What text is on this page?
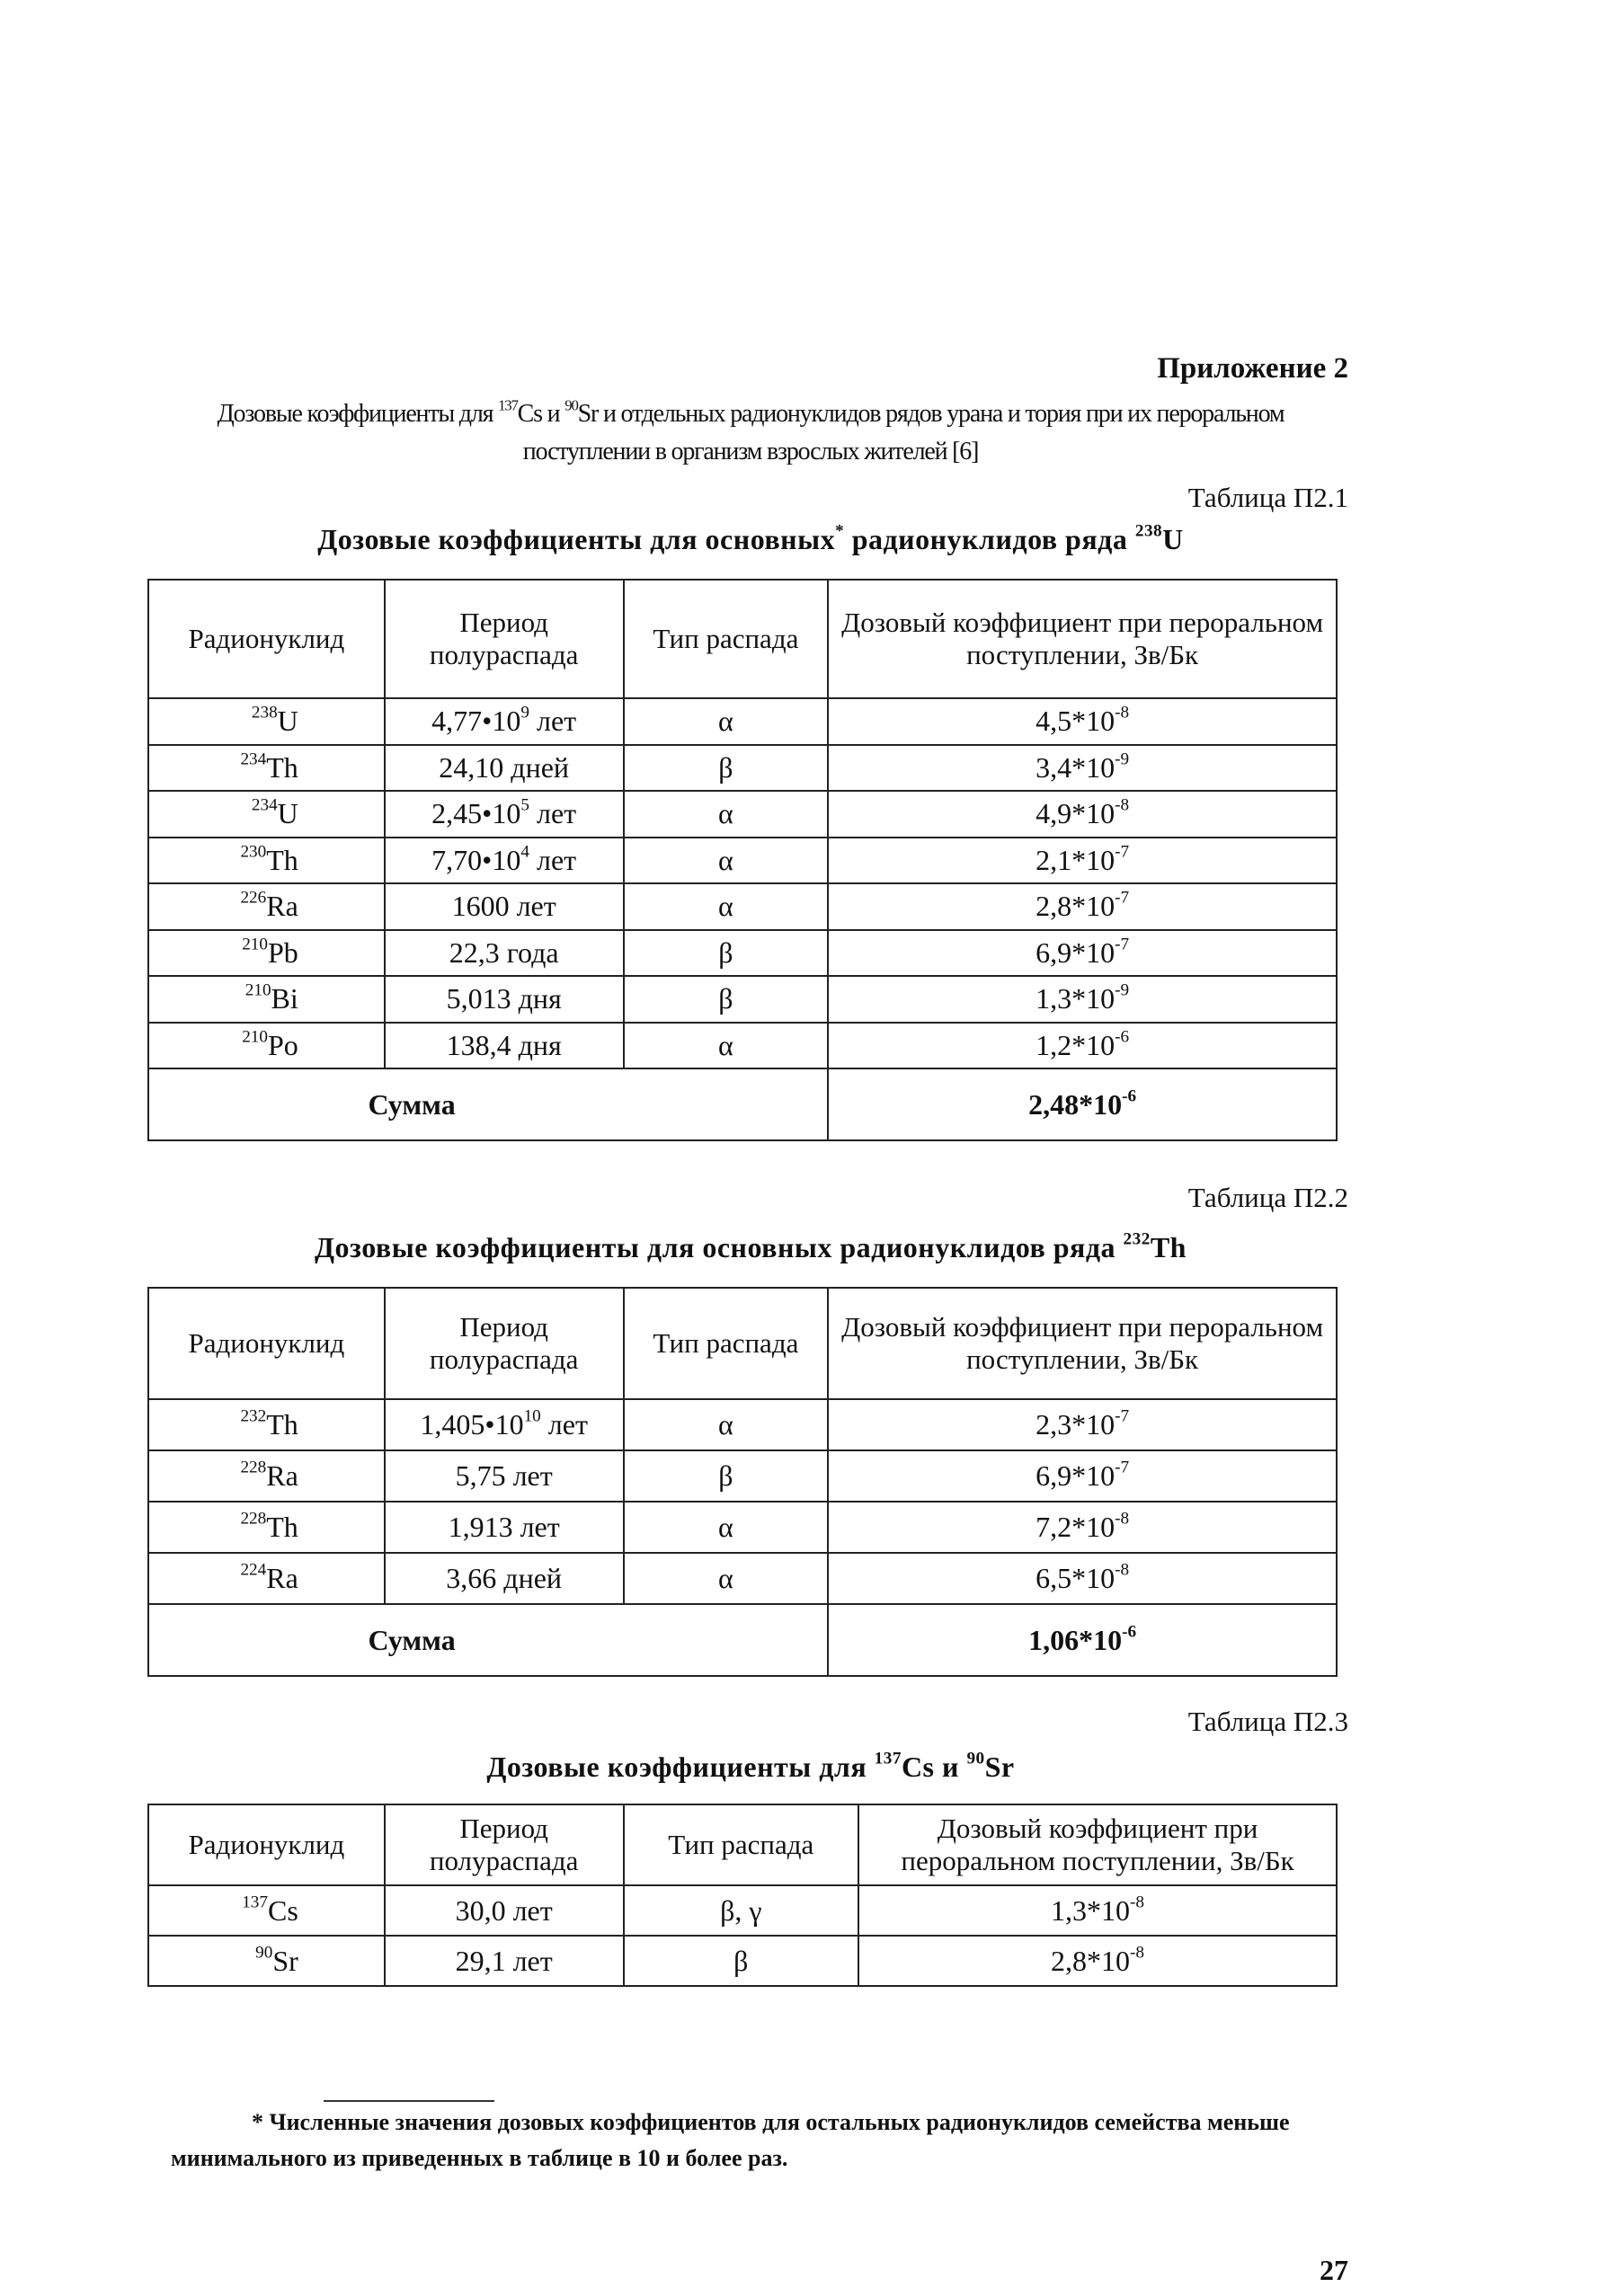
Приложение 2
Дозовые коэффициенты для $^{137}$Cs и $^{90}$Sr и отдельных радионуклидов рядов урана и тория при их пероральном поступлении в организм взрослых жителей [6]
Таблица П2.1
Дозовые коэффициенты для основных* радионуклидов ряда $^{238}$U
Радионуклид	Период полураспада	Тип распада	Дозовый коэффициент при пероральном поступлении, Зв/Бк
$^{238}$U	$4,77•10^9$ лет	α	$4,5*10^{-8}$
$^{234}$Th	24,10 дней	β	$3,4*10^{-9}$
$^{234}$U	$2,45•10^5$ лет	α	$4,9*10^{-8}$
$^{230}$Th	$7,70•10^4$ лет	α	$2,1*10^{-7}$
$^{226}$Ra	1600 лет	α	$2,8*10^{-7}$
$^{210}$Pb	22,3 года	β	$6,9*10^{-7}$
$^{210}$Bi	5,013 дня	β	$1,3*10^{-9}$
$^{210}$Po	138,4 дня	α	$1,2*10^{-6}$
Сумма			$2,48*10^{-6}$
Таблица П2.2
Дозовые коэффициенты для основных радионуклидов ряда $^{232}$Th
Радионуклид	Период полураспада	Тип распада	Дозовый коэффициент при пероральном поступлении, Зв/Бк
$^{232}$Th	$1,405•10^{10}$ лет	α	$2,3*10^{-7}$
$^{228}$Ra	5,75 лет	β	$6,9*10^{-7}$
$^{228}$Th	1,913 лет	α	$7,2*10^{-8}$
$^{224}$Ra	3,66 дней	α	$6,5*10^{-8}$
Сумма			$1,06*10^{-6}$
Таблица П2.3
Дозовые коэффициенты для $^{137}$Cs и $^{90}$Sr
Радионуклид	Период полураспада	Тип распада	Дозовый коэффициент при пероральном поступлении, Зв/Бк
$^{137}$Cs	30,0 лет	β, γ	$1,3*10^{-8}$
$^{90}$Sr	29,1 лет	β	$2,8*10^{-8}$
* Численные значения дозовых коэффициентов для остальных радионуклидов семейства меньше минимального из приведенных в таблице в 10 и более раз.
27
